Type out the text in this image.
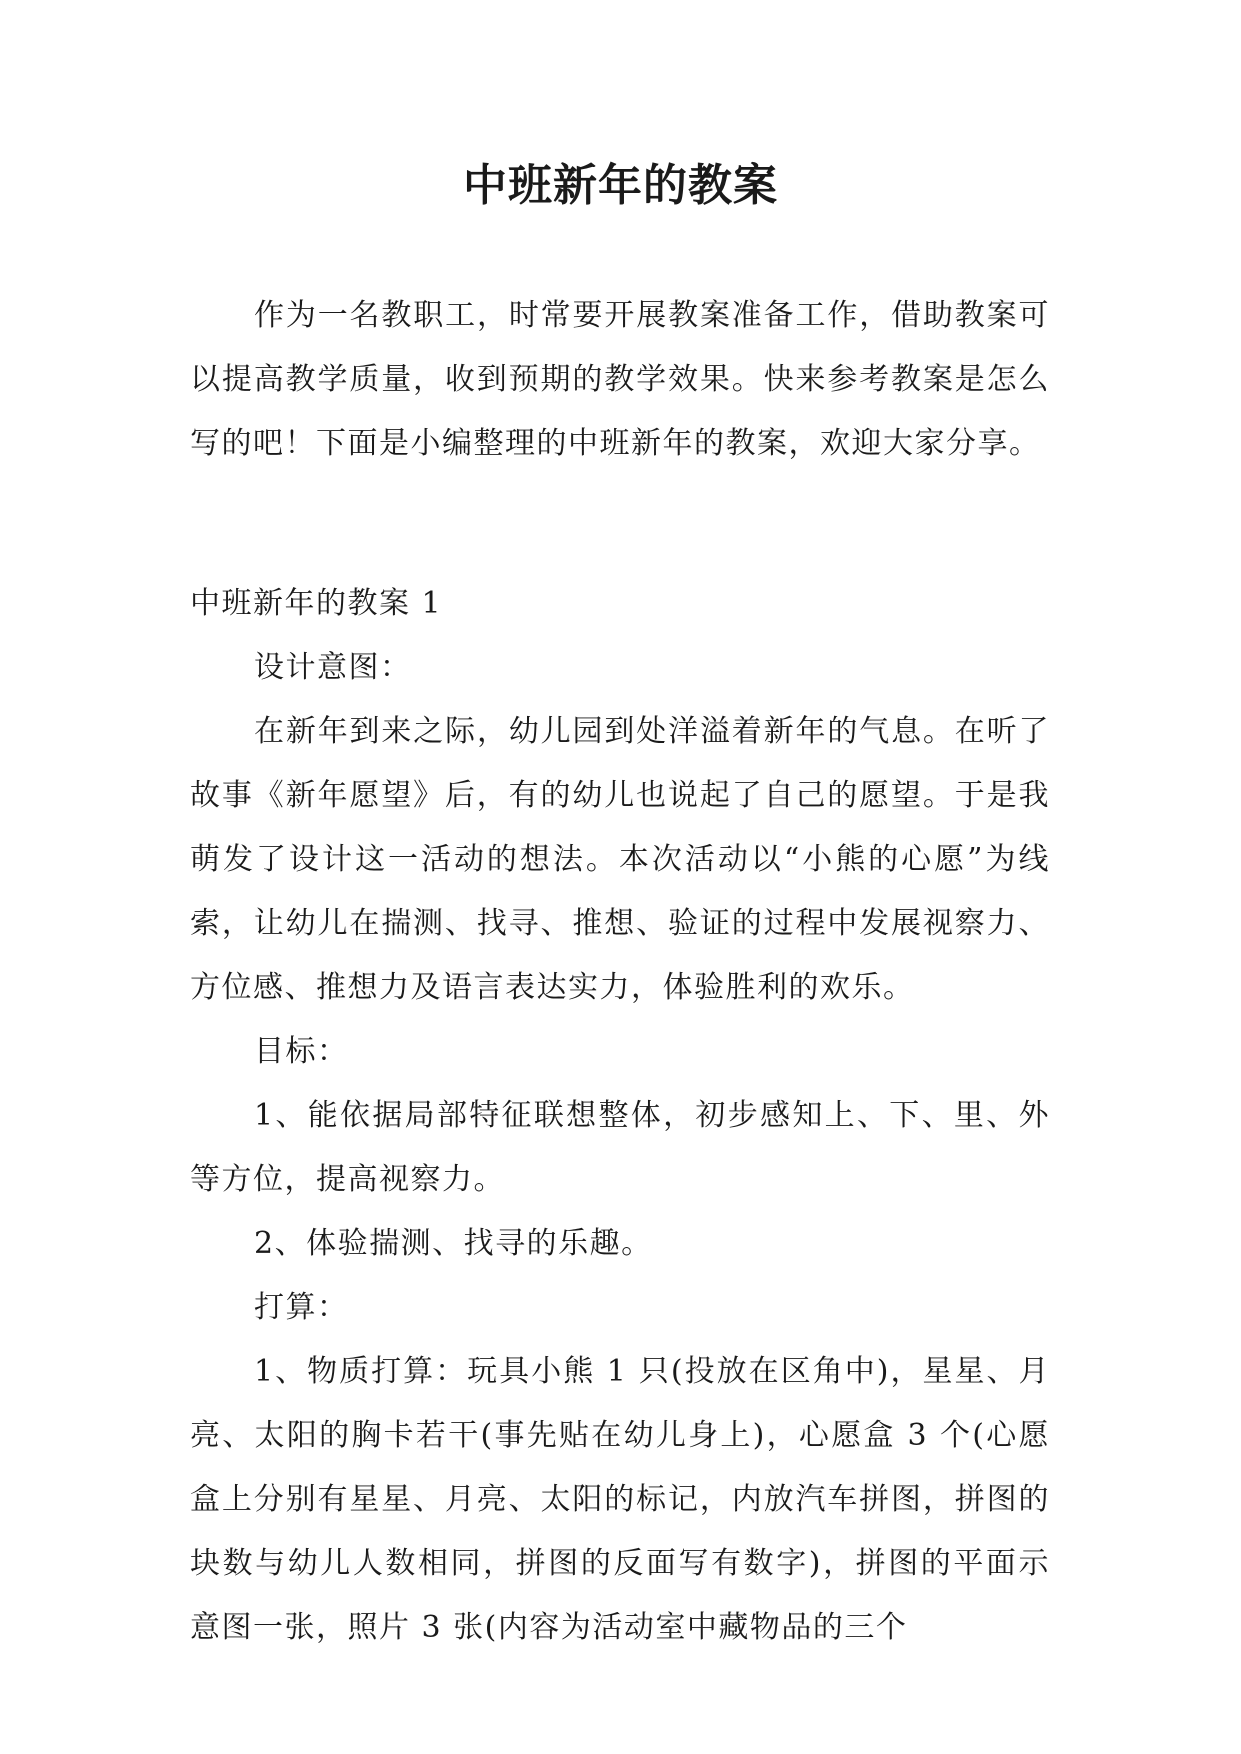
中班新年的教案

作为一名教职工，时常要开展教案准备工作，借助教案可以提高教学质量，收到预期的教学效果。快来参考教案是怎么写的吧！下面是小编整理的中班新年的教案，欢迎大家分享。

中班新年的教案 1

设计意图：

在新年到来之际，幼儿园到处洋溢着新年的气息。在听了故事《新年愿望》后，有的幼儿也说起了自己的愿望。于是我萌发了设计这一活动的想法。本次活动以“小熊的心愿”为线索，让幼儿在揣测、找寻、推想、验证的过程中发展视察力、方位感、推想力及语言表达实力，体验胜利的欢乐。

目标：

1、能依据局部特征联想整体，初步感知上、下、里、外等方位，提高视察力。

2、体验揣测、找寻的乐趣。

打算：

1、物质打算：玩具小熊 1 只(投放在区角中)，星星、月亮、太阳的胸卡若干(事先贴在幼儿身上)，心愿盒 3 个(心愿盒上分别有星星、月亮、太阳的标记，内放汽车拼图，拼图的块数与幼儿人数相同，拼图的反面写有数字)，拼图的平面示意图一张，照片 3 张(内容为活动室中藏物品的三个
